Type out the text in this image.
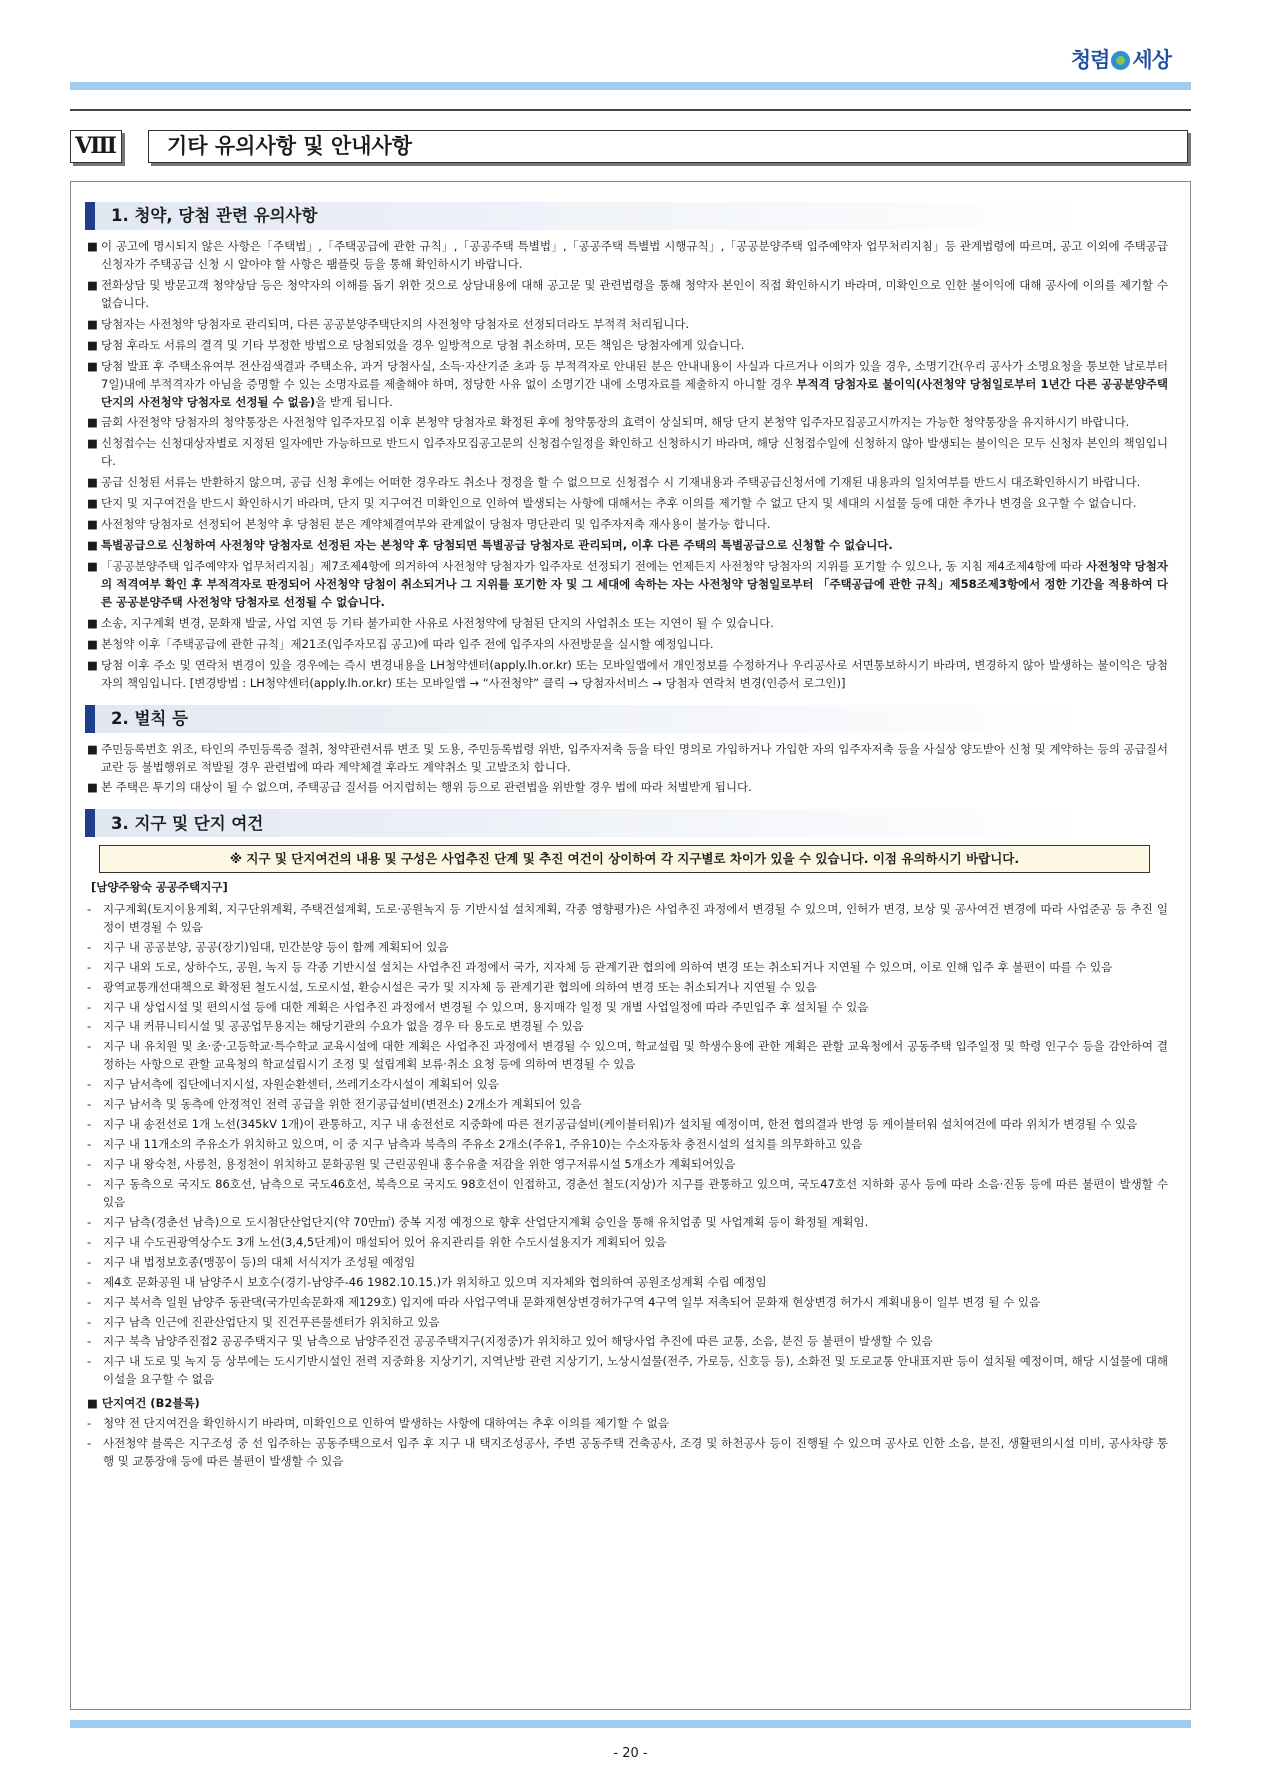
청렴 세상
Ⅷ	기타 유의사항 및 안내사항
1. 청약, 당첨 관련 유의사항
■ 이 공고에 명시되지 않은 사항은「주택법」,「주택공급에 관한 규칙」,「공공주택 특별법」,「공공주택 특별법 시행규칙」,「공공분양주택 입주예약자 업무처리지침」등 관계법령에 따르며, 공고 이외에 주택공급 신청자가 주택공급 신청 시 알아야 할 사항은 팸플릿 등을 통해 확인하시기 바랍니다.
■ 전화상담 및 방문고객 청약상담 등은 청약자의 이해를 돕기 위한 것으로 상담내용에 대해 공고문 및 관련법령을 통해 청약자 본인이 직접 확인하시기 바라며, 미확인으로 인한 불이익에 대해 공사에 이의를 제기할 수 없습니다.
■ 당첨자는 사전청약 당첨자로 관리되며, 다른 공공분양주택단지의 사전청약 당첨자로 선정되더라도 부적격 처리됩니다.
■ 당첨 후라도 서류의 결격 및 기타 부정한 방법으로 당첨되었을 경우 일방적으로 당첨 취소하며, 모든 책임은 당첨자에게 있습니다.
■ 당첨 발표 후 주택소유여부 전산검색결과 주택소유, 과거 당첨사실, 소득·자산기준 초과 등 부적격자로 안내된 분은 안내내용이 사실과 다르거나 이의가 있을 경우, 소명기간(우리 공사가 소명요청을 통보한 날로부터 7일)내에 부적격자가 아님을 증명할 수 있는 소명자료를 제출해야 하며, 정당한 사유 없이 소명기간 내에 소명자료를 제출하지 아니할 경우 부적격 당첨자로 불이익(사전청약 당첨일로부터 1년간 다른 공공분양주택단지의 사전청약 당첨자로 선정될 수 없음)을 받게 됩니다.
■ 금회 사전청약 당첨자의 청약통장은 사전청약 입주자모집 이후 본청약 당첨자로 확정된 후에 청약통장의 효력이 상실되며, 해당 단지 본청약 입주자모집공고시까지는 가능한 청약통장을 유지하시기 바랍니다.
■ 신청접수는 신청대상자별로 지정된 일자에만 가능하므로 반드시 입주자모집공고문의 신청접수일정을 확인하고 신청하시기 바라며, 해당 신청접수일에 신청하지 않아 발생되는 불이익은 모두 신청자 본인의 책임입니다.
■ 공급 신청된 서류는 반환하지 않으며, 공급 신청 후에는 어떠한 경우라도 취소나 정정을 할 수 없으므로 신청접수 시 기재내용과 주택공급신청서에 기재된 내용과의 일치여부를 반드시 대조확인하시기 바랍니다.
■ 단지 및 지구여건을 반드시 확인하시기 바라며, 단지 및 지구여건 미확인으로 인하여 발생되는 사항에 대해서는 추후 이의를 제기할 수 없고 단지 및 세대의 시설물 등에 대한 추가나 변경을 요구할 수 없습니다.
■ 사전청약 당첨자로 선정되어 본청약 후 당첨된 분은 계약체결여부와 관계없이 당첨자 명단관리 및 입주자저축 재사용이 불가능 합니다.
■ 특별공급으로 신청하여 사전청약 당첨자로 선정된 자는 본청약 후 당첨되면 특별공급 당첨자로 관리되며, 이후 다른 주택의 특별공급으로 신청할 수 없습니다.
■ 「공공분양주택 입주예약자 업무처리지침」제7조제4항에 의거하여 사전청약 당첨자가 입주자로 선정되기 전에는 언제든지 사전청약 당첨자의 지위를 포기할 수 있으나, 동 지침 제4조제4항에 따라 사전청약 당첨자의 적격여부 확인 후 부적격자로 판정되어 사전청약 당첨이 취소되거나 그 지위를 포기한 자 및 그 세대에 속하는 자는 사전청약 당첨일로부터 「주택공급에 관한 규칙」제58조제3항에서 정한 기간을 적용하여 다른 공공분양주택 사전청약 당첨자로 선정될 수 없습니다.
■ 소송, 지구계획 변경, 문화재 발굴, 사업 지연 등 기타 불가피한 사유로 사전청약에 당첨된 단지의 사업취소 또는 지연이 될 수 있습니다.
■ 본청약 이후「주택공급에 관한 규칙」제21조(입주자모집 공고)에 따라 입주 전에 입주자의 사전방문을 실시할 예정입니다.
■ 당첨 이후 주소 및 연락처 변경이 있을 경우에는 즉시 변경내용을 LH청약센터(apply.lh.or.kr) 또는 모바일앱에서 개인정보를 수정하거나 우리공사로 서면통보하시기 바라며, 변경하지 않아 발생하는 불이익은 당첨자의 책임입니다. [변경방법 : LH청약센터(apply.lh.or.kr) 또는 모바일앱 → “사전청약” 클릭 → 당첨자서비스 → 당첨자 연락처 변경(인증서 로그인)]
2. 벌칙 등
■ 주민등록번호 위조, 타인의 주민등록증 절취, 청약관련서류 변조 및 도용, 주민등록법령 위반, 입주자저축 등을 타인 명의로 가입하거나 가입한 자의 입주자저축 등을 사실상 양도받아 신청 및 계약하는 등의 공급질서 교란 등 불법행위로 적발될 경우 관련법에 따라 계약체결 후라도 계약취소 및 고발조치 합니다.
■ 본 주택은 투기의 대상이 될 수 없으며, 주택공급 질서를 어지럽히는 행위 등으로 관련법을 위반할 경우 법에 따라 처벌받게 됩니다.
3. 지구 및 단지 여건
※ 지구 및 단지여건의 내용 및 구성은 사업추진 단계 및 추진 여건이 상이하여 각 지구별로 차이가 있을 수 있습니다. 이점 유의하시기 바랍니다.
[남양주왕숙 공공주택지구]
- 지구계획(토지이용계획, 지구단위계획, 주택건설계획, 도로·공원녹지 등 기반시설 설치계획, 각종 영향평가)은 사업추진 과정에서 변경될 수 있으며, 인허가 변경, 보상 및 공사여건 변경에 따라 사업준공 등 추진 일정이 변경될 수 있음
- 지구 내 공공분양, 공공(장기)임대, 민간분양 등이 함께 계획되어 있음
- 지구 내외 도로, 상하수도, 공원, 녹지 등 각종 기반시설 설치는 사업추진 과정에서 국가, 지자체 등 관계기관 협의에 의하여 변경 또는 취소되거나 지연될 수 있으며, 이로 인해 입주 후 불편이 따를 수 있음
- 광역교통개선대책으로 확정된 철도시설, 도로시설, 환승시설은 국가 및 지자체 등 관계기관 협의에 의하여 변경 또는 취소되거나 지연될 수 있음
- 지구 내 상업시설 및 편의시설 등에 대한 계획은 사업추진 과정에서 변경될 수 있으며, 용지매각 일정 및 개별 사업일정에 따라 주민입주 후 설치될 수 있음
- 지구 내 커뮤니티시설 및 공공업무용지는 해당기관의 수요가 없을 경우 타 용도로 변경될 수 있음
- 지구 내 유치원 및 초·중·고등학교·특수학교 교육시설에 대한 계획은 사업추진 과정에서 변경될 수 있으며, 학교설립 및 학생수용에 관한 계획은 관할 교육청에서 공동주택 입주일정 및 학령 인구수 등을 감안하여 결정하는 사항으로 관할 교육청의 학교설립시기 조정 및 설립계획 보류·취소 요청 등에 의하여 변경될 수 있음
- 지구 남서측에 집단에너지시설, 자원순환센터, 쓰레기소각시설이 계획되어 있음
- 지구 남서측 및 동측에 안정적인 전력 공급을 위한 전기공급설비(변전소) 2개소가 계획되어 있음
- 지구 내 송전선로 1개 노선(345kV 1개)이 관통하고, 지구 내 송전선로 지중화에 따른 전기공급설비(케이블터워)가 설치될 예정이며, 한전 협의결과 반영 등 케이블터워 설치여건에 따라 위치가 변경될 수 있음
- 지구 내 11개소의 주유소가 위치하고 있으며, 이 중 지구 남측과 북측의 주유소 2개소(주유1, 주유10)는 수소자동차 충전시설의 설치를 의무화하고 있음
- 지구 내 왕숙천, 사릉천, 용정천이 위치하고 문화공원 및 근린공원내 홍수유출 저감을 위한 영구저류시설 5개소가 계획되어있음
- 지구 동측으로 국지도 86호선, 남측으로 국도46호선, 북측으로 국지도 98호선이 인접하고, 경춘선 철도(지상)가 지구를 관통하고 있으며, 국도47호선 지하화 공사 등에 따라 소음·진동 등에 따른 불편이 발생할 수 있음
- 지구 남측(경춘선 남측)으로 도시첨단산업단지(약 70만㎡) 중복 지정 예정으로 향후 산업단지계획 승인을 통해 유치업종 및 사업계획 등이 확정될 계획임.
- 지구 내 수도권광역상수도 3개 노선(3,4,5단계)이 매설되어 있어 유지관리를 위한 수도시설용지가 계획되어 있음
- 지구 내 법정보호종(맹꽁이 등)의 대체 서식지가 조성될 예정임
- 제4호 문화공원 내 남양주시 보호수(경기-남양주-46 1982.10.15.)가 위치하고 있으며 지자체와 협의하여 공원조성계획 수립 예정임
- 지구 북서측 일원 남양주 동관댁(국가민속문화재 제129호) 입지에 따라 사업구역내 문화재현상변경허가구역 4구역 일부 저촉되어 문화재 현상변경 허가시 계획내용이 일부 변경 될 수 있음
- 지구 남측 인근에 진관산업단지 및 진건푸른물센터가 위치하고 있음
- 지구 북측 남양주진접2 공공주택지구 및 남측으로 남양주진건 공공주택지구(지정중)가 위치하고 있어 해당사업 추진에 따른 교통, 소음, 분진 등 불편이 발생할 수 있음
- 지구 내 도로 및 녹지 등 상부에는 도시기반시설인 전력 지중화용 지상기기, 지역난방 관련 지상기기, 노상시설물(전주, 가로등, 신호등 등), 소화전 및 도로교통 안내표지판 등이 설치될 예정이며, 해당 시설물에 대해 이설을 요구할 수 없음
■ 단지여건 (B2블록)
- 청약 전 단지여건을 확인하시기 바라며, 미확인으로 인하여 발생하는 사항에 대하여는 추후 이의를 제기할 수 없음
- 사전청약 블록은 지구조성 중 선 입주하는 공동주택으로서 입주 후 지구 내 택지조성공사, 주변 공동주택 건축공사, 조경 및 하천공사 등이 진행될 수 있으며 공사로 인한 소음, 분진, 생활편의시설 미비, 공사차량 통행 및 교통장애 등에 따른 불편이 발생할 수 있음
- 20 -
